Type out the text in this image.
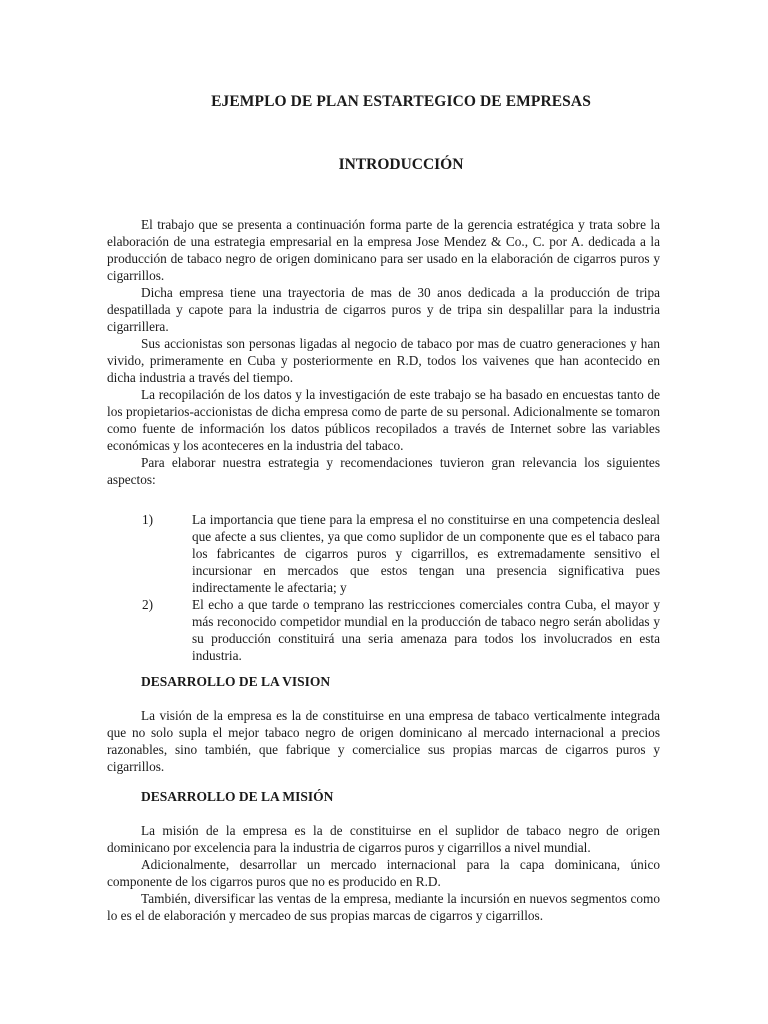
EJEMPLO DE PLAN ESTARTEGICO DE EMPRESAS
INTRODUCCIÓN

El trabajo que se presenta a continuación forma parte de la gerencia estratégica y trata sobre la elaboración de una estrategia empresarial en la empresa Jose Mendez & Co., C. por A. dedicada a la producción de tabaco negro de origen dominicano para ser usado en la elaboración de cigarros puros y cigarrillos.

Dicha empresa tiene una trayectoria de mas de 30 anos dedicada a la producción de tripa despatillada y capote para la industria de cigarros puros y de tripa sin despalillar para la industria cigarrillera.

Sus accionistas son personas ligadas al negocio de tabaco por mas de cuatro generaciones y han vivido, primeramente en Cuba y posteriormente en R.D, todos los vaivenes que han acontecido en dicha industria a través del tiempo.

La recopilación de los datos y la investigación de este trabajo se ha basado en encuestas tanto de los propietarios-accionistas de dicha empresa como de parte de su personal. Adicionalmente se tomaron como fuente de información los datos públicos recopilados a través de Internet sobre las variables económicas y los aconteceres en la industria del tabaco.

Para elaborar nuestra estrategia y recomendaciones tuvieron gran relevancia los siguientes aspectos:

1)	La importancia que tiene para la empresa el no constituirse en una competencia desleal que afecte a sus clientes, ya que como suplidor de un componente que es el tabaco para los fabricantes de cigarros puros y cigarrillos, es extremadamente sensitivo el incursionar en mercados que estos tengan una presencia significativa pues indirectamente le afectaria; y
2)	El echo a que tarde o temprano las restricciones comerciales contra Cuba, el mayor y más reconocido competidor mundial en la producción de tabaco negro serán abolidas y su producción constituirá una seria amenaza para todos los involucrados en esta industria.
DESARROLLO DE LA VISION

La visión de la empresa es la de constituirse en una empresa de tabaco verticalmente integrada que no solo supla el mejor tabaco negro de origen dominicano al mercado internacional a precios razonables, sino también, que fabrique y comercialice sus propias marcas de cigarros puros y cigarrillos.

DESARROLLO DE LA MISIÓN

La misión de la empresa es la de constituirse en el suplidor de tabaco negro de origen dominicano por excelencia para la industria de cigarros puros y cigarrillos a nivel mundial.

Adicionalmente, desarrollar un mercado internacional para la capa dominicana, único componente de los cigarros puros que no es producido en R.D.

También, diversificar las ventas de la empresa, mediante la incursión en nuevos segmentos como lo es el de elaboración y mercadeo de sus propias marcas de cigarros y cigarrillos.
